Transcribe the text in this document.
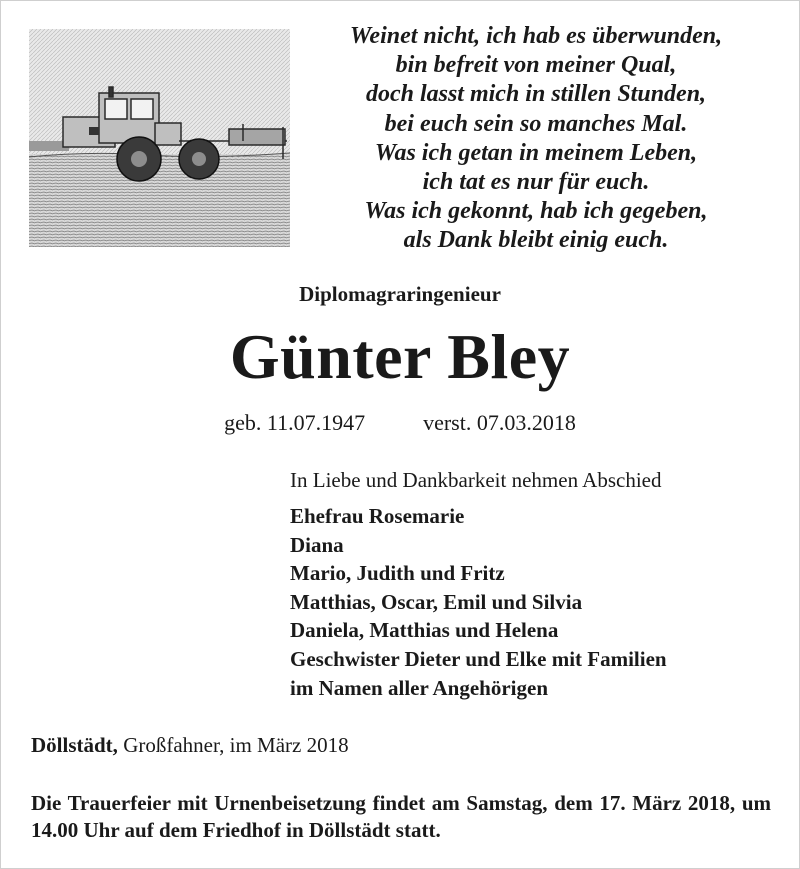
Weinet nicht, ich hab es überwunden,
bin befreit von meiner Qual,
doch lasst mich in stillen Stunden,
bei euch sein so manches Mal.
Was ich getan in meinem Leben,
ich tat es nur für euch.
Was ich gekonnt, hab ich gegeben,
als Dank bleibt einig euch.
Diplomagraringenieur
Günter Bley
geb. 11.07.1947	verst. 07.03.2018
In Liebe und Dankbarkeit nehmen Abschied
Ehefrau Rosemarie
Diana
Mario, Judith und Fritz
Matthias, Oscar, Emil und Silvia
Daniela, Matthias und Helena
Geschwister Dieter und Elke mit Familien
im Namen aller Angehörigen
Döllstädt, Großfahner, im März 2018
Die Trauerfeier mit Urnenbeisetzung findet am Samstag, dem 17. März 2018, um 14.00 Uhr auf dem Friedhof in Döllstädt statt.
